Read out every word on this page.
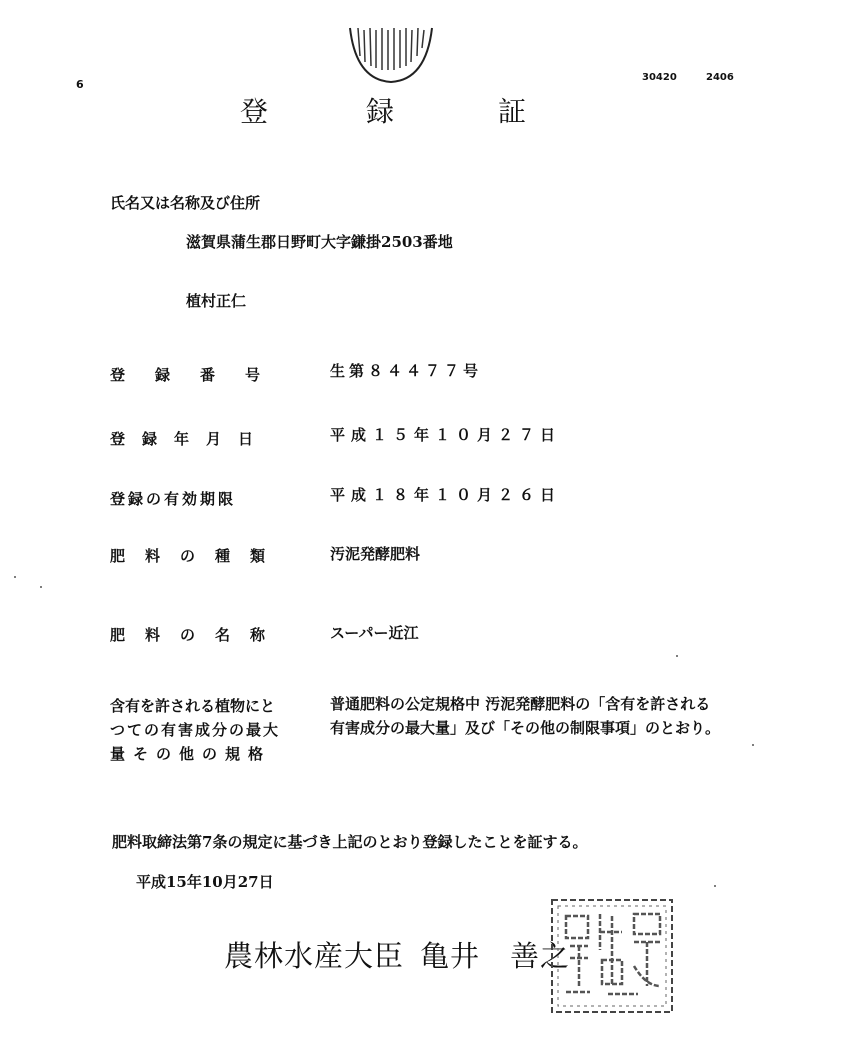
6
30420	2406
登	録	証
氏名又は名称及び住所
滋賀県蒲生郡日野町大字鎌掛2503番地
植村正仁
登録番号	生第８４４７７号
登録年月日	平成１５年１０月２７日
登録の有効期限	平成１８年１０月２６日
肥料の種類	汚泥発酵肥料
肥料の名称	スーパー近江
含有を許される植物にと
つての有害成分の最大
量その他の規格
普通肥料の公定規格中 汚泥発酵肥料の「含有を許される
有害成分の最大量」及び「その他の制限事項」のとおり。
肥料取締法第7条の規定に基づき上記のとおり登録したことを証する。
平成15年10月27日
農林水産大臣 亀井　善之
